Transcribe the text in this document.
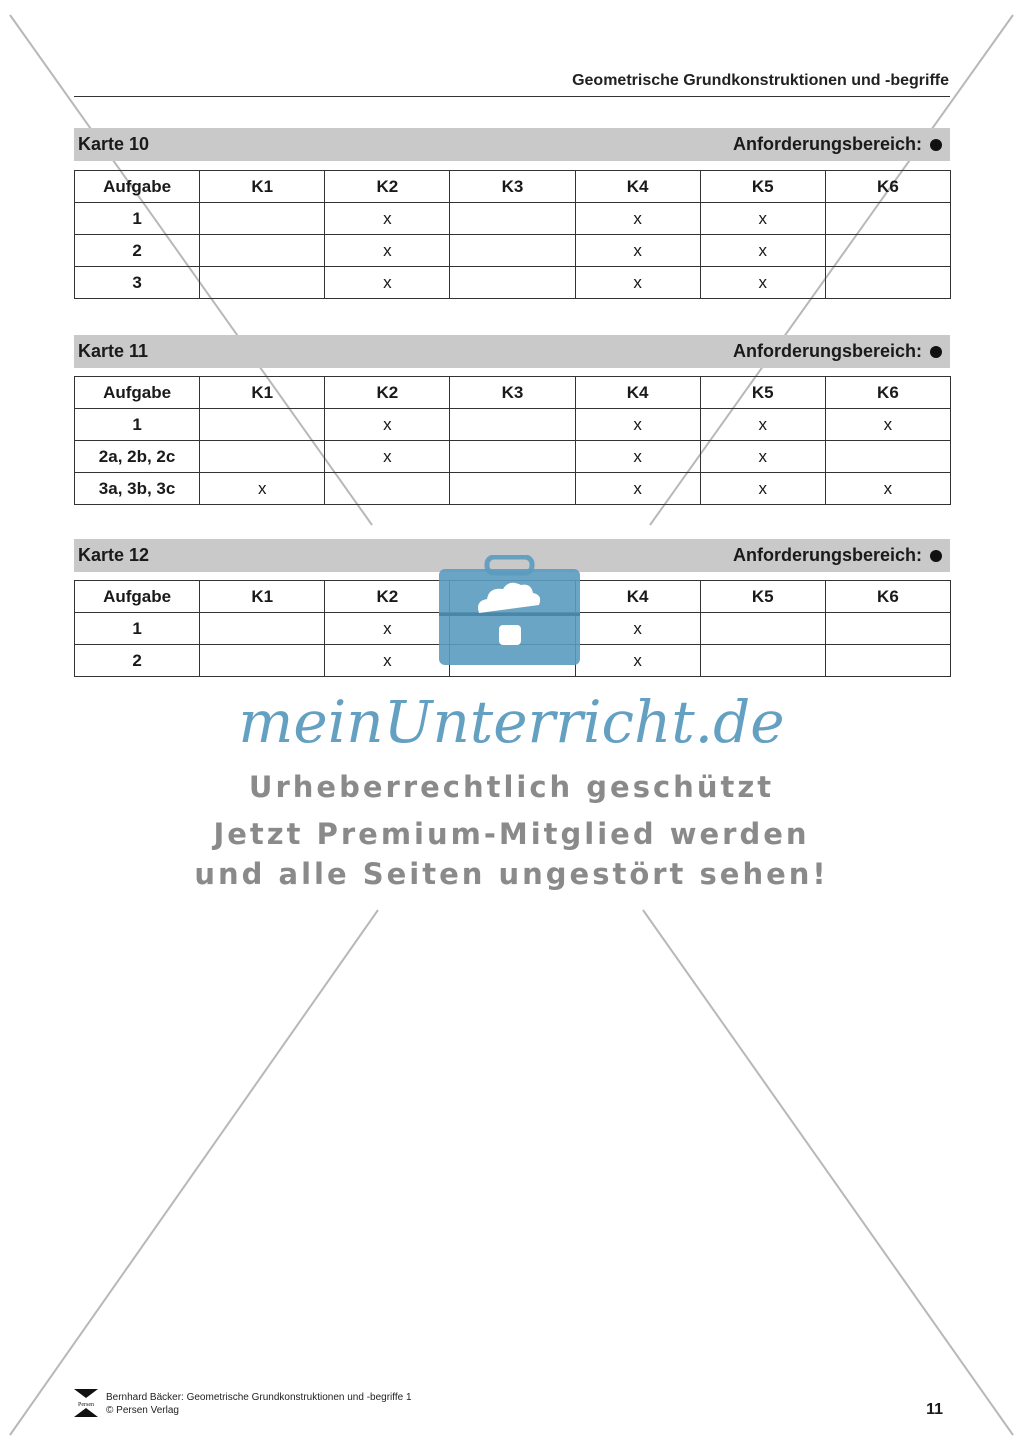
Geometrische Grundkonstruktionen und -begriffe
Karte 10	Anforderungsbereich:
Aufgabe	K1	K2	K3	K4	K5	K6
1		x		x	x	
2		x		x	x	
3		x		x	x	
Karte 11	Anforderungsbereich:
Aufgabe	K1	K2	K3	K4	K5	K6
1		x		x	x	x
2a, 2b, 2c		x		x	x	
3a, 3b, 3c	x			x	x	x
Karte 12	Anforderungsbereich:
Aufgabe	K1	K2		K4	K5	K6
1		x		x		
2		x		x		
meinUnterricht.de
Urheberrechtlich geschützt
Jetzt Premium-Mitglied werden
und alle Seiten ungestört sehen!
Persen
Bernhard Bäcker: Geometrische Grundkonstruktionen und -begriffe 1
© Persen Verlag	11
